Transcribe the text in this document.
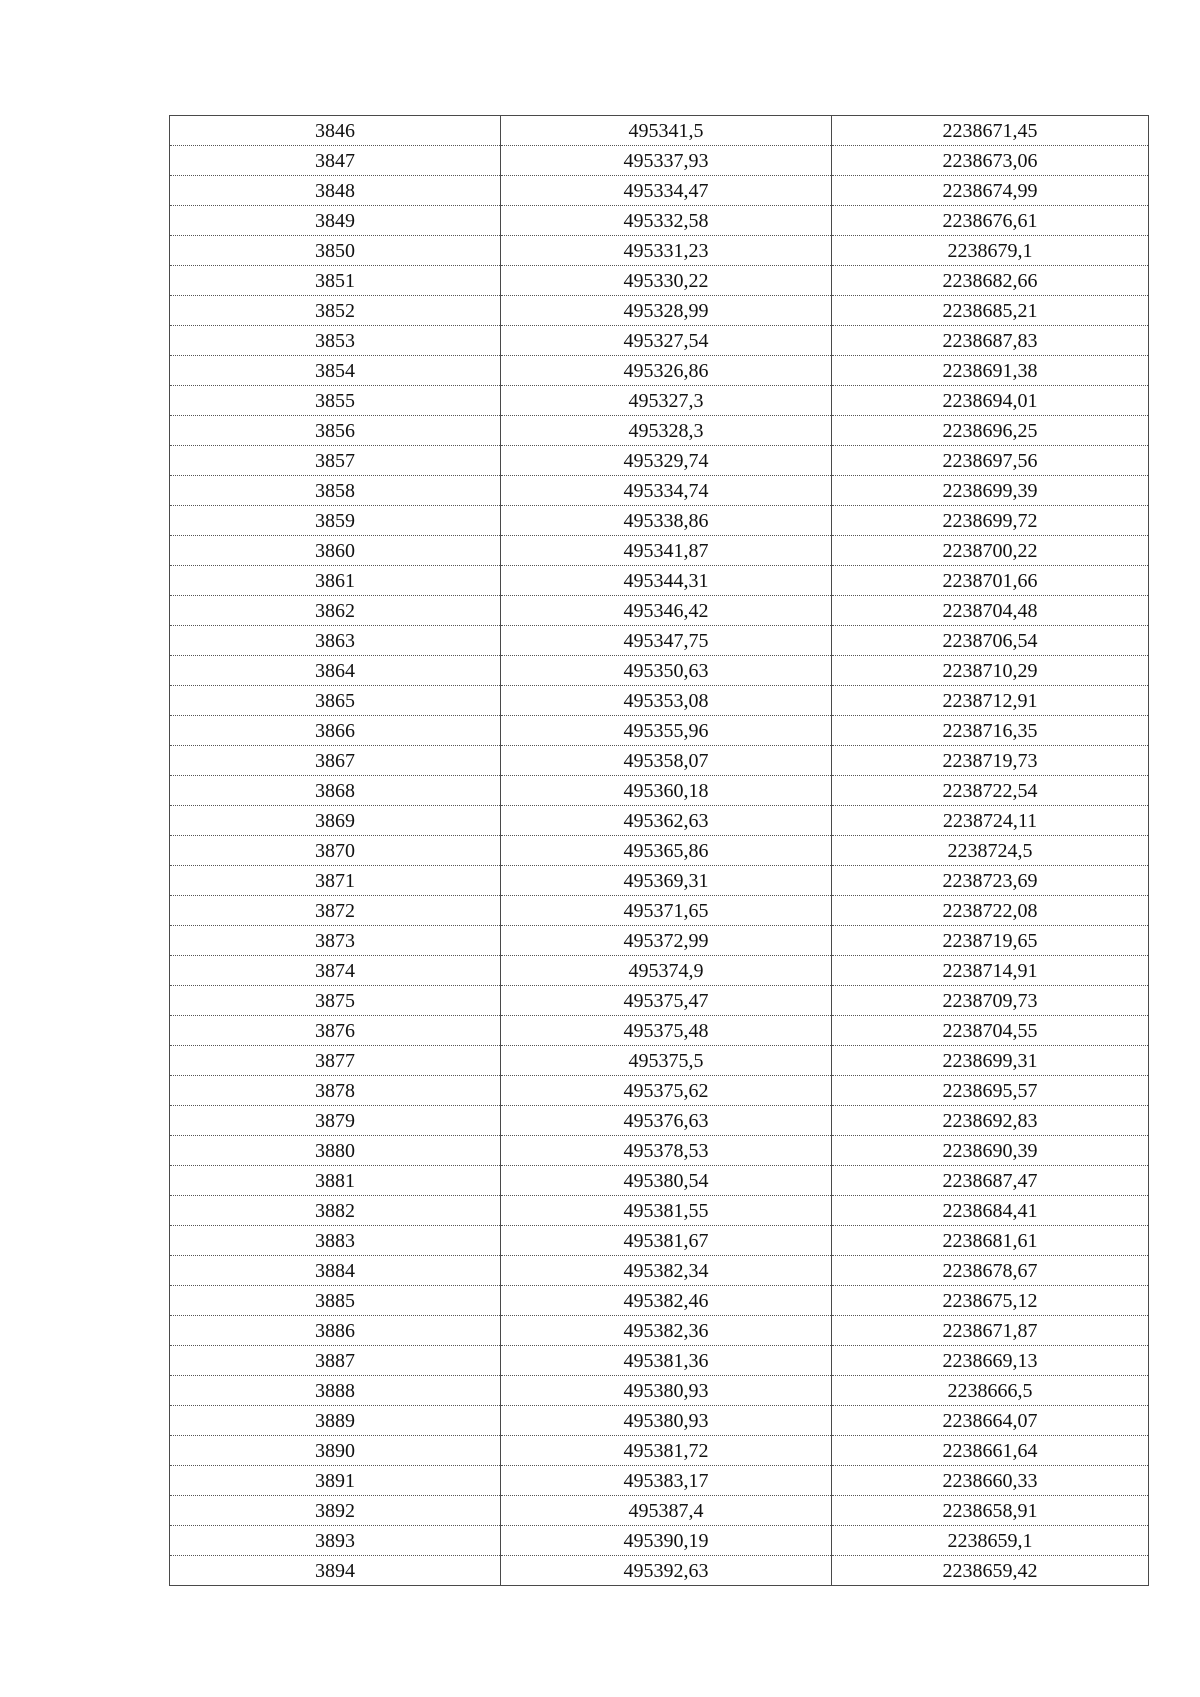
3846	495341,5	2238671,45
3847	495337,93	2238673,06
3848	495334,47	2238674,99
3849	495332,58	2238676,61
3850	495331,23	2238679,1
3851	495330,22	2238682,66
3852	495328,99	2238685,21
3853	495327,54	2238687,83
3854	495326,86	2238691,38
3855	495327,3	2238694,01
3856	495328,3	2238696,25
3857	495329,74	2238697,56
3858	495334,74	2238699,39
3859	495338,86	2238699,72
3860	495341,87	2238700,22
3861	495344,31	2238701,66
3862	495346,42	2238704,48
3863	495347,75	2238706,54
3864	495350,63	2238710,29
3865	495353,08	2238712,91
3866	495355,96	2238716,35
3867	495358,07	2238719,73
3868	495360,18	2238722,54
3869	495362,63	2238724,11
3870	495365,86	2238724,5
3871	495369,31	2238723,69
3872	495371,65	2238722,08
3873	495372,99	2238719,65
3874	495374,9	2238714,91
3875	495375,47	2238709,73
3876	495375,48	2238704,55
3877	495375,5	2238699,31
3878	495375,62	2238695,57
3879	495376,63	2238692,83
3880	495378,53	2238690,39
3881	495380,54	2238687,47
3882	495381,55	2238684,41
3883	495381,67	2238681,61
3884	495382,34	2238678,67
3885	495382,46	2238675,12
3886	495382,36	2238671,87
3887	495381,36	2238669,13
3888	495380,93	2238666,5
3889	495380,93	2238664,07
3890	495381,72	2238661,64
3891	495383,17	2238660,33
3892	495387,4	2238658,91
3893	495390,19	2238659,1
3894	495392,63	2238659,42
